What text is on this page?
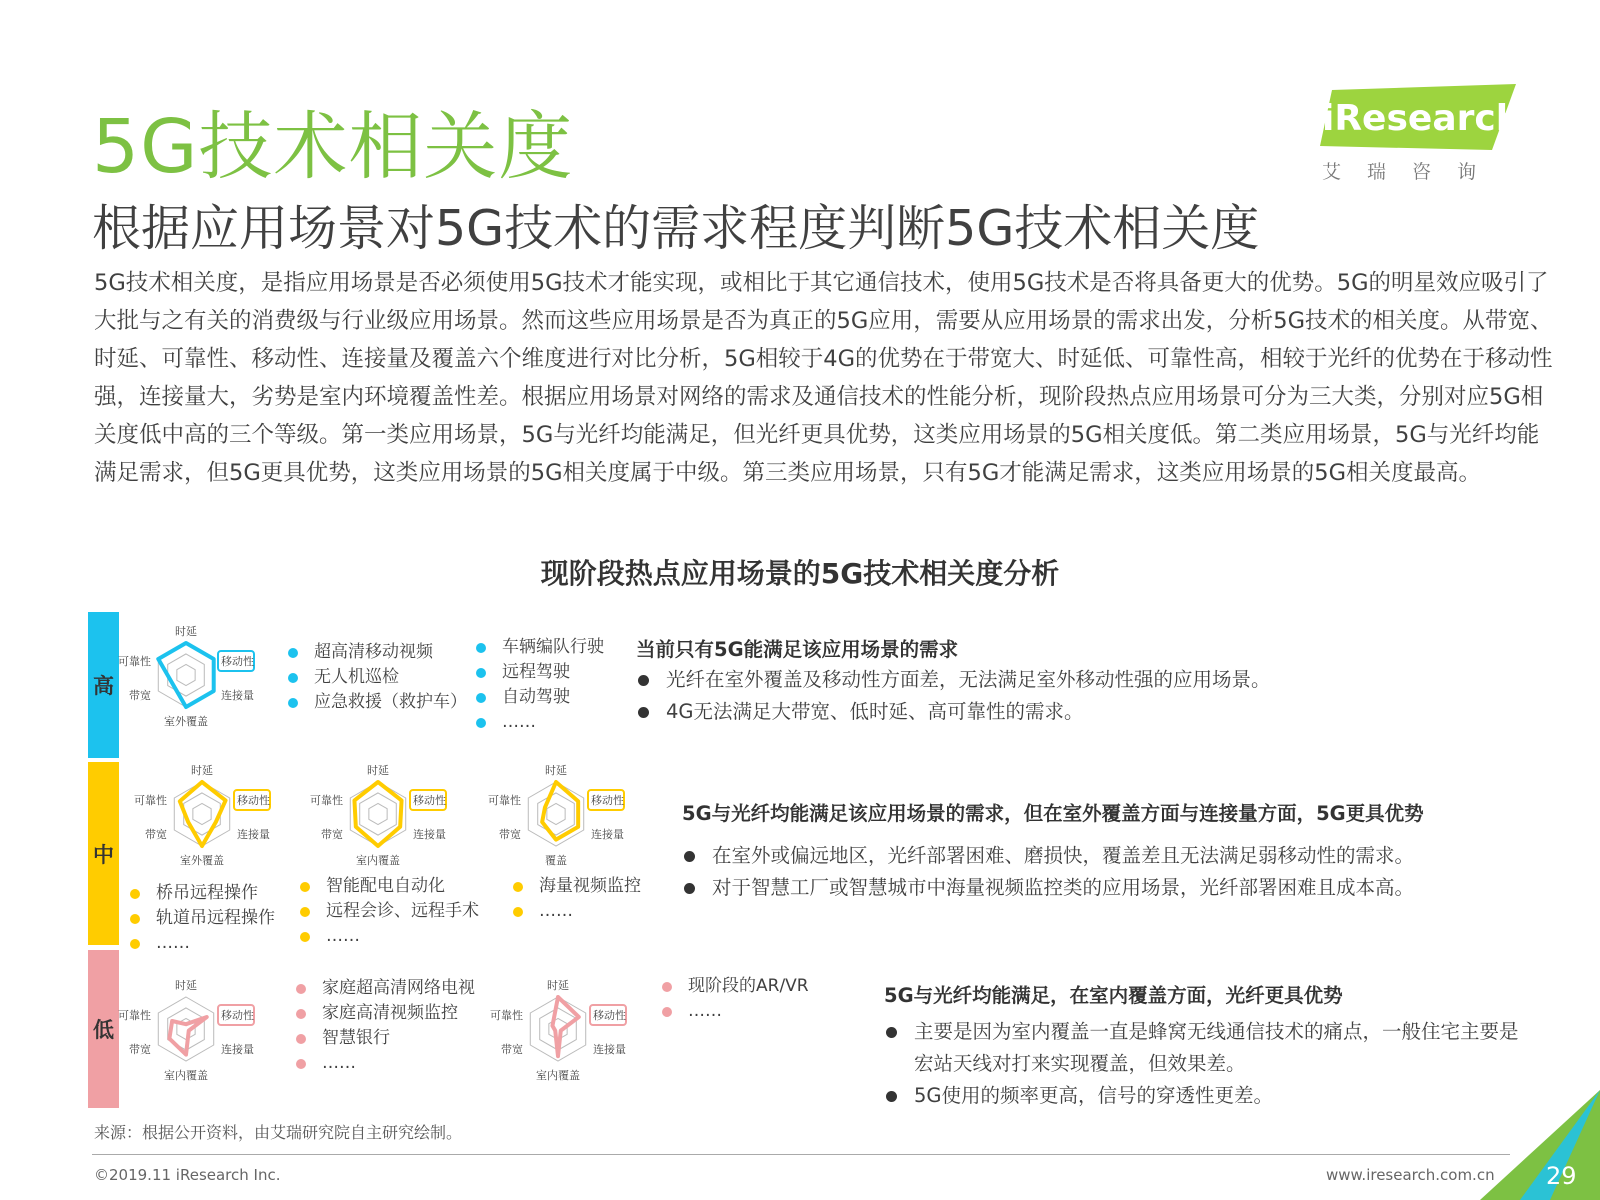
iResearch
艾瑞咨询
5G技术相关度
根据应用场景对5G技术的需求程度判断5G技术相关度
5G技术相关度，是指应用场景是否必须使用5G技术才能实现，或相比于其它通信技术，使用5G技术是否将具备更大的优势。5G的明星效应吸引了大批与之有关的消费级与行业级应用场景。然而这些应用场景是否为真正的5G应用，需要从应用场景的需求出发，分析5G技术的相关度。从带宽、时延、可靠性、移动性、连接量及覆盖六个维度进行对比分析，5G相较于4G的优势在于带宽大、时延低、可靠性高，相较于光纤的优势在于移动性强，连接量大，劣势是室内环境覆盖性差。根据应用场景对网络的需求及通信技术的性能分析，现阶段热点应用场景可分为三大类，分别对应5G相关度低中高的三个等级。第一类应用场景，5G与光纤均能满足，但光纤更具优势，这类应用场景的5G相关度低。第二类应用场景，5G与光纤均能满足需求，但5G更具优势，这类应用场景的5G相关度属于中级。第三类应用场景，只有5G才能满足需求，这类应用场景的5G相关度最高。
现阶段热点应用场景的5G技术相关度分析
高
中
低
时延
移动性
连接量
室外覆盖
带宽
可靠性
时延
移动性
连接量
室外覆盖
带宽
可靠性
时延
移动性
连接量
室内覆盖
带宽
可靠性
时延
移动性
连接量
覆盖
带宽
可靠性
时延
移动性
连接量
室内覆盖
带宽
可靠性
时延
移动性
连接量
室内覆盖
带宽
可靠性
超高清移动视频
无人机巡检
应急救援（救护车）
车辆编队行驶
远程驾驶
自动驾驶
……
桥吊远程操作
轨道吊远程操作
……
智能配电自动化
远程会诊、远程手术
……
海量视频监控
……
家庭超高清网络电视
家庭高清视频监控
智慧银行
……
现阶段的AR/VR
……
当前只有5G能满足该应用场景的需求
光纤在室外覆盖及移动性方面差，无法满足室外移动性强的应用场景。
4G无法满足大带宽、低时延、高可靠性的需求。
5G与光纤均能满足该应用场景的需求，但在室外覆盖方面与连接量方面，5G更具优势
在室外或偏远地区，光纤部署困难、磨损快，覆盖差且无法满足弱移动性的需求。
对于智慧工厂或智慧城市中海量视频监控类的应用场景，光纤部署困难且成本高。
5G与光纤均能满足，在室内覆盖方面，光纤更具优势
主要是因为室内覆盖一直是蜂窝无线通信技术的痛点，一般住宅主要是宏站天线对打来实现覆盖，但效果差。
5G使用的频率更高，信号的穿透性更差。
来源：根据公开资料，由艾瑞研究院自主研究绘制。
©2019.11 iResearch Inc.	www.iresearch.com.cn 29
